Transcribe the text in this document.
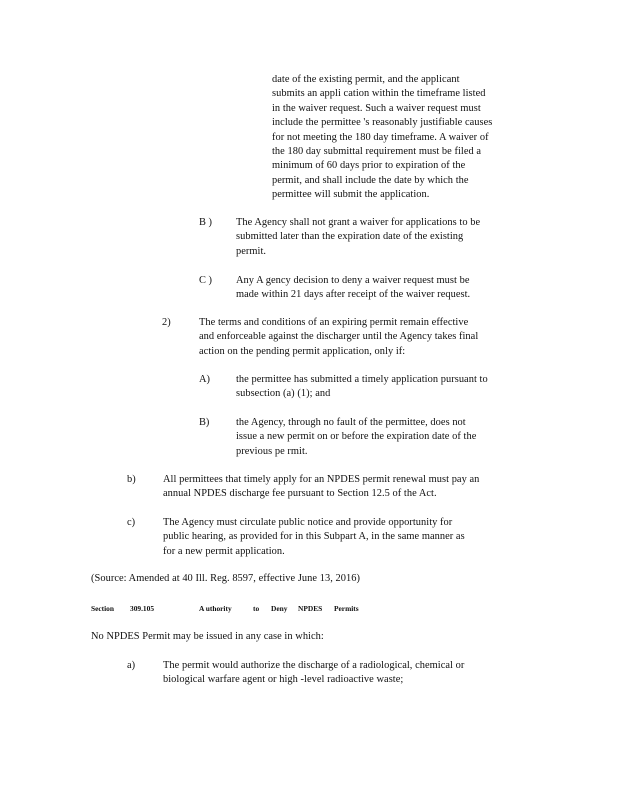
date of the existing permit, and the applicant
submits an appli cation within the timeframe listed
in the waiver request. Such a waiver request must
include the permittee 's reasonably justifiable causes
for not meeting the 180 day timeframe. A waiver of
the 180 day submittal requirement must be filed a
minimum of 60 days prior to expiration of the
permit, and shall include the date by which the
permittee will submit the application.
B ) The Agency shall not grant a waiver for applications to be
submitted later than the expiration date of the existing
permit.
C ) Any A gency decision to deny a waiver request must be
made within 21 days after receipt of the waiver request.
2)	The terms and conditions of an expiring permit remain effective
and enforceable against the discharger until the Agency takes final
action on the pending permit application, only if:
A)	the permittee has submitted a timely application pursuant to
subsection (a) (1); and
B)	the Agency, through no fault of the permittee, does not
issue a new permit on or before the expiration date of the
previous pe rmit.
b)	All permittees that timely apply for an NPDES permit renewal must pay an
annual NPDES discharge fee pursuant to Section 12.5 of the Act.
c)	The Agency must circulate public notice and provide opportunity for
public hearing, as provided for in this Subpart A, in the same manner as
for a new permit application.
(Source: Amended at 40 Ill. Reg. 8597, effective June 13, 2016)
Section 309.105	A uthority	to Deny NPDES Permits
No NPDES Permit may be issued in any case in which:
a)	The permit would authorize the discharge of a radiological, chemical or
biological warfare agent or high -level radioactive waste;
